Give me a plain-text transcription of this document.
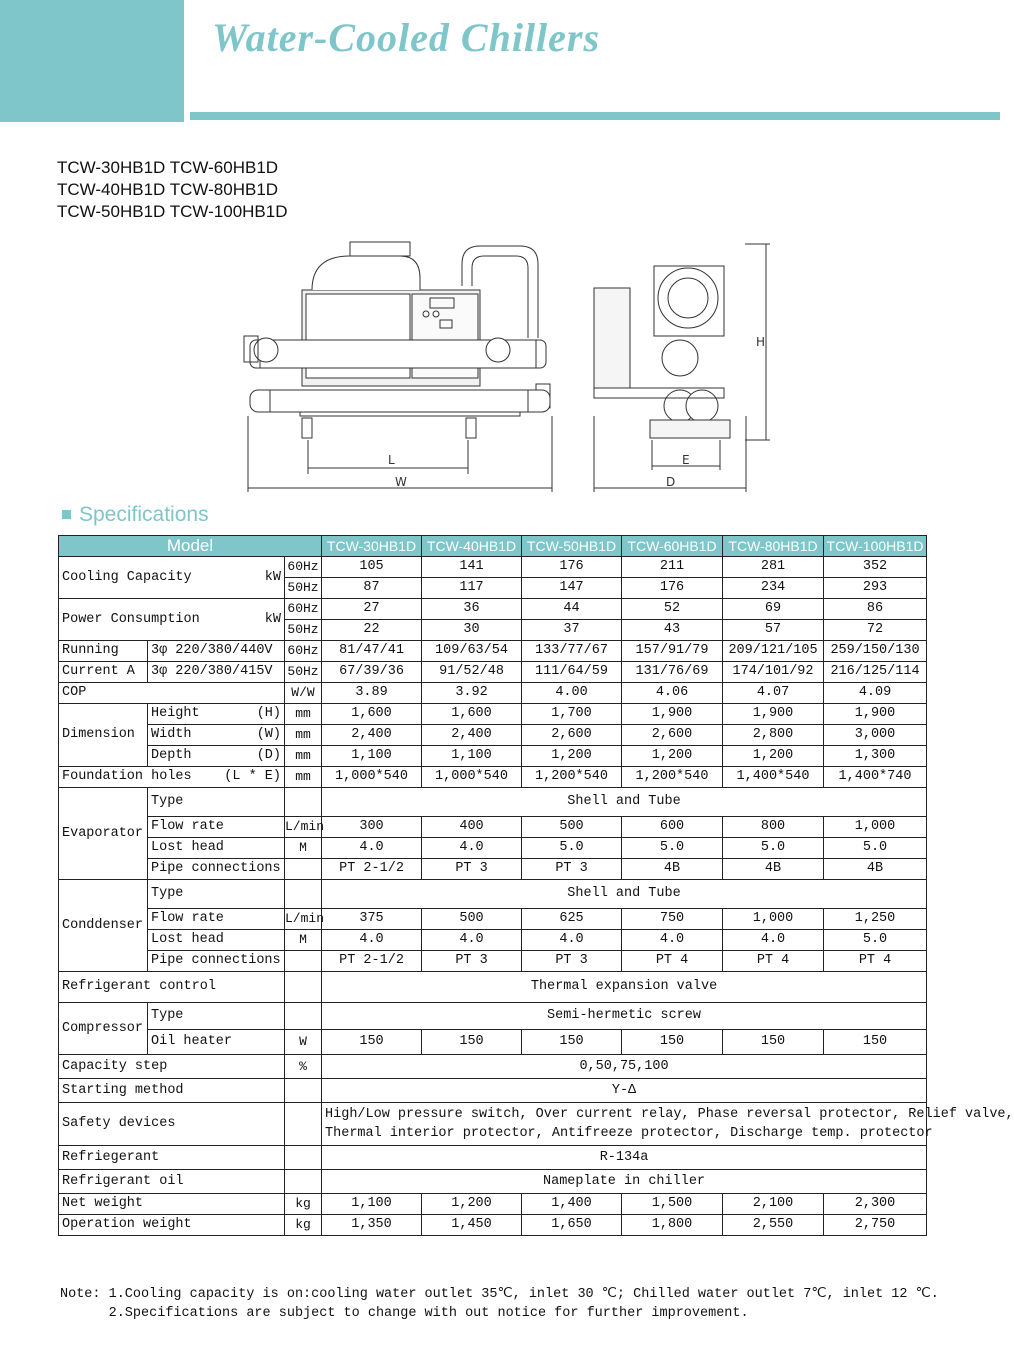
Water-Cooled Chillers
TCW-30HB1D TCW-60HB1D
TCW-40HB1D TCW-80HB1D
TCW-50HB1D TCW-100HB1D
L
W
H
E
D
Specifications
Model			TCW-30HB1D	TCW-40HB1D	TCW-50HB1D	TCW-60HB1D	TCW-80HB1D	TCW-100HB1D
Cooling Capacity kW		60Hz	105	141	176	211	281	352
		50Hz	87	117	147	176	234	293
Power Consumption kW		60Hz	27	36	44	52	69	86
		50Hz	22	30	37	43	57	72
Running	3φ 220/380/440V	60Hz	81/47/41	109/63/54	133/77/67	157/91/79	209/121/105	259/150/130
Current A	3φ 220/380/415V	50Hz	67/39/36	91/52/48	111/64/59	131/76/69	174/101/92	216/125/114
COP		W/W	3.89	3.92	4.00	4.06	4.07	4.09
Dimension	Height (H)	mm	1,600	1,600	1,700	1,900	1,900	1,900
	Width (W)	mm	2,400	2,400	2,600	2,600	2,800	3,000
	Depth (D)	mm	1,100	1,100	1,200	1,200	1,200	1,300
Foundation holes (L * E)		mm	1,000*540	1,000*540	1,200*540	1,200*540	1,400*540	1,400*740
Evaporator	Type		Shell and Tube					
	Flow rate	L/min	300	400	500	600	800	1,000
	Lost head	M	4.0	4.0	5.0	5.0	5.0	5.0
	Pipe connections		PT 2-1/2	PT 3	PT 3	4B	4B	4B
Conddenser	Type		Shell and Tube					
	Flow rate	L/min	375	500	625	750	1,000	1,250
	Lost head	M	4.0	4.0	4.0	4.0	4.0	5.0
	Pipe connections		PT 2-1/2	PT 3	PT 3	PT 4	PT 4	PT 4
Refrigerant control			Thermal expansion valve					
Compressor	Type		Semi-hermetic screw					
	Oil heater	W	150	150	150	150	150	150
Capacity step		%	0,50,75,100					
Starting method			Y-Δ					
Safety devices			High/Low pressure switch, Over current relay, Phase reversal protector, Relief valve,
Thermal interior protector, Antifreeze protector, Discharge temp. protector					

Refriegerant			R-134a					
Refrigerant oil			Nameplate in chiller					
Net weight		kg	1,100	1,200	1,400	1,500	2,100	2,300
Operation weight		kg	1,350	1,450	1,650	1,800	2,550	2,750
Note: 1.Cooling capacity is on:cooling water outlet 35℃, inlet 30 ℃; Chilled water outlet 7℃, inlet 12 ℃.
2.Specifications are subject to change with out notice for further improvement.
